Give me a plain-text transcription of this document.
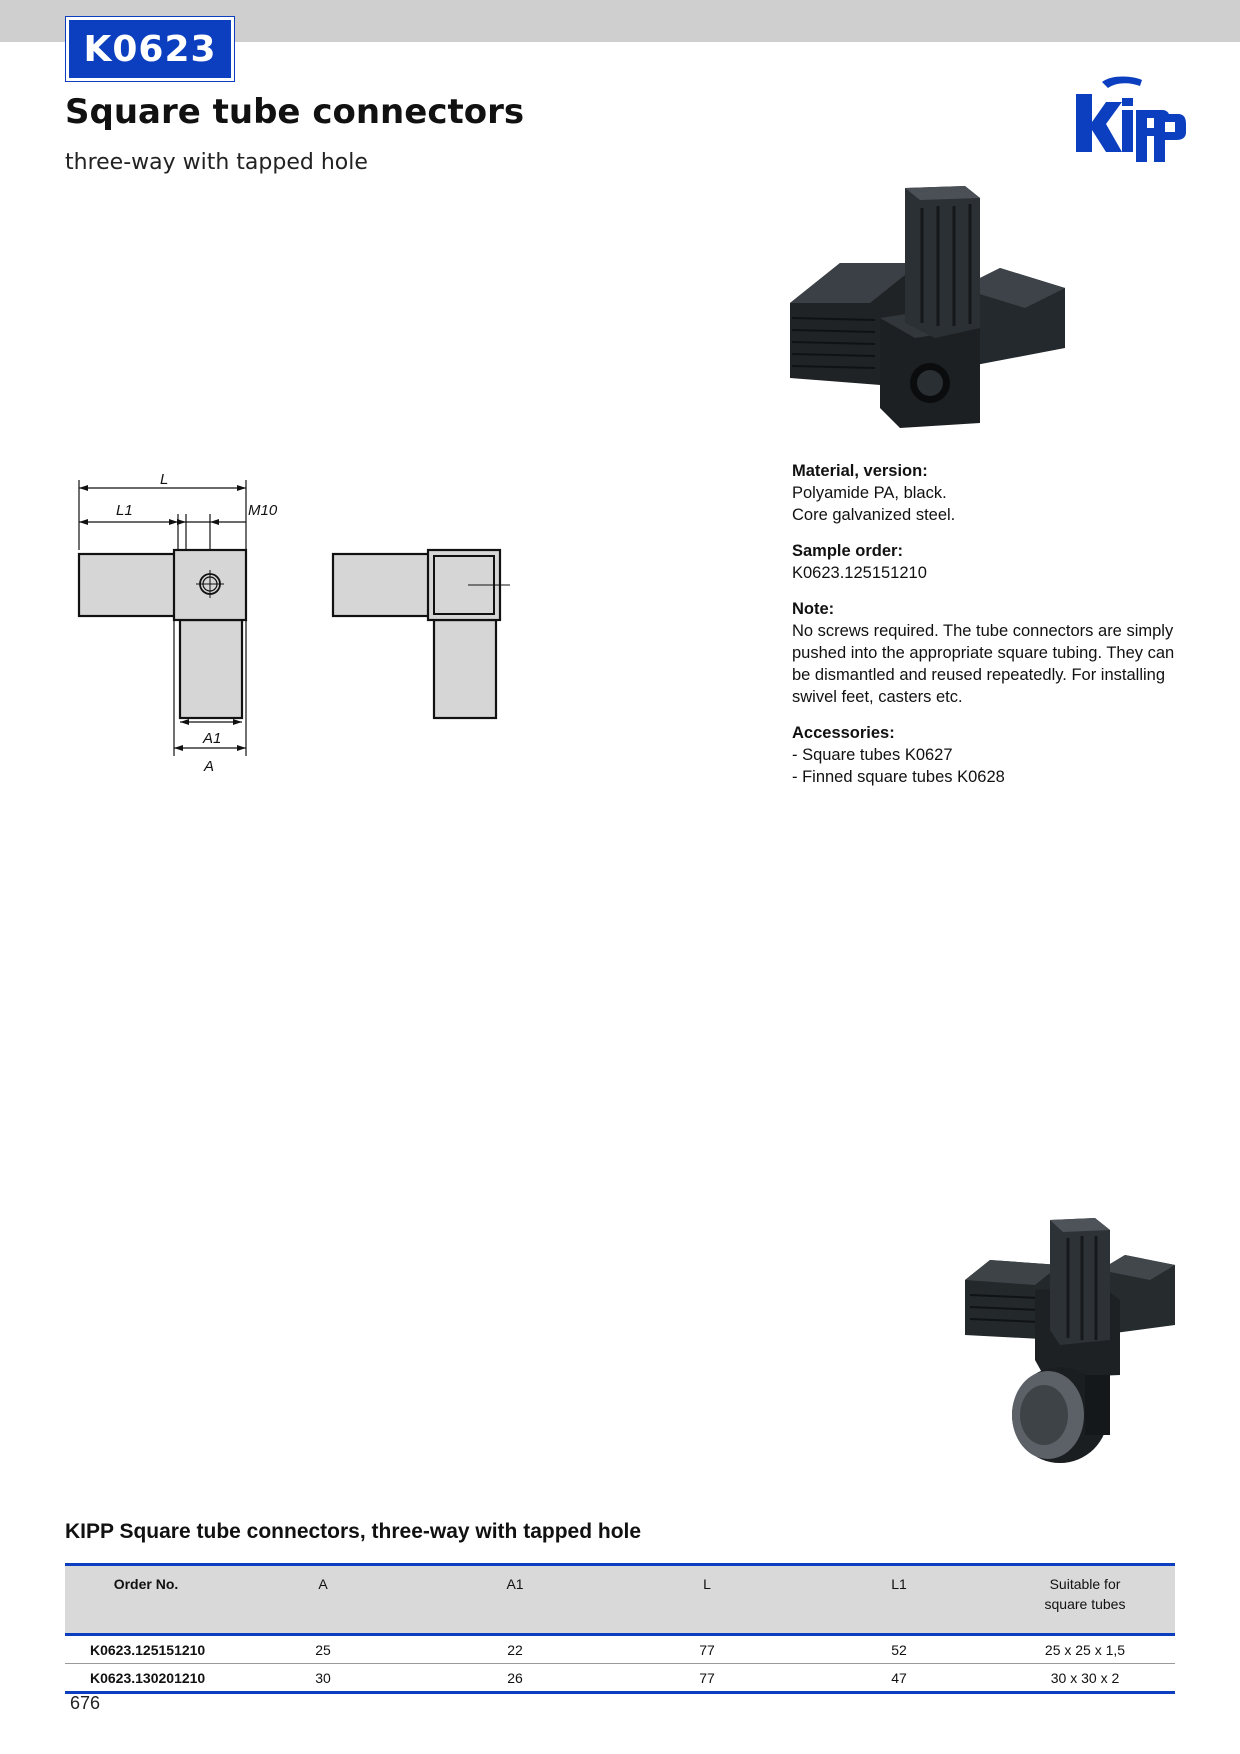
K0623
Square tube connectors
three-way with tapped hole
L
L1	M10
A1
A
Material, version:
Polyamide PA, black.
Core galvanized steel.
Sample order:
K0623.125151210
Note:
No screws required. The tube connectors are simply pushed into the appropriate square tubing. They can be dismantled and reused repeatedly. For installing swivel feet, casters etc.
Accessories:
- Square tubes K0627
- Finned square tubes K0628
KIPP Square tube connectors, three-way with tapped hole
Order No.	A	A1	L	L1	Suitable for
square tubes
K0623.125151210	25	22	77	52	25 x 25 x 1,5
K0623.130201210	30	26	77	47	30 x 30 x 2
676
